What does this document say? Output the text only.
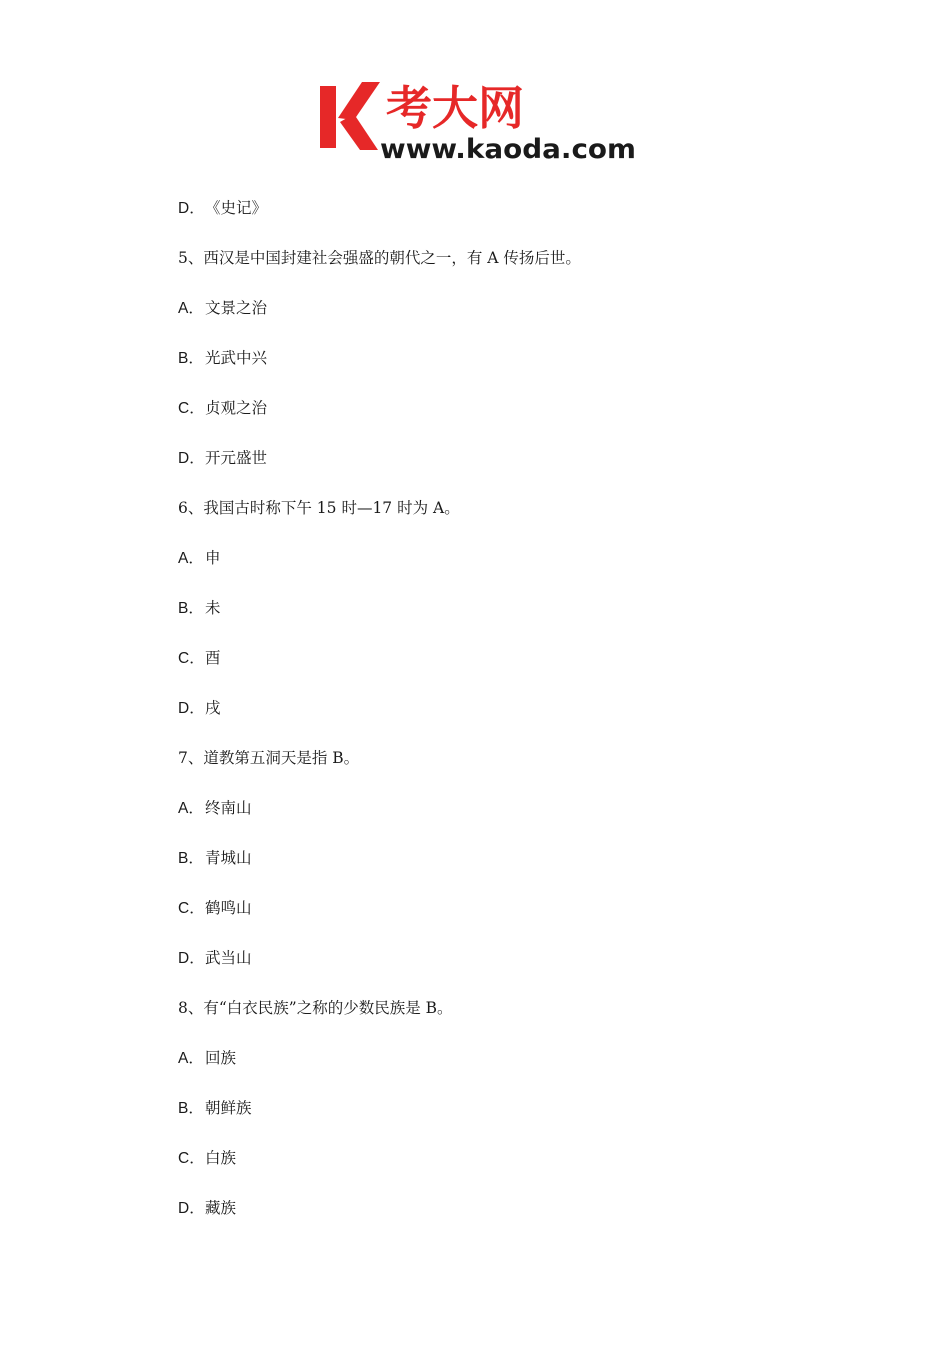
考大网
www.kaoda.com
D．《史记》
5、西汉是中国封建社会强盛的朝代之一，有 A 传扬后世。
A．文景之治
B．光武中兴
C．贞观之治
D．开元盛世
6、我国古时称下午 15 时—17 时为 A。
A．申
B．未
C．酉
D．戌
7、道教第五洞天是指 B。
A．终南山
B．青城山
C．鹤鸣山
D．武当山
8、有“白衣民族”之称的少数民族是 B。
A．回族
B．朝鲜族
C．白族
D．藏族
